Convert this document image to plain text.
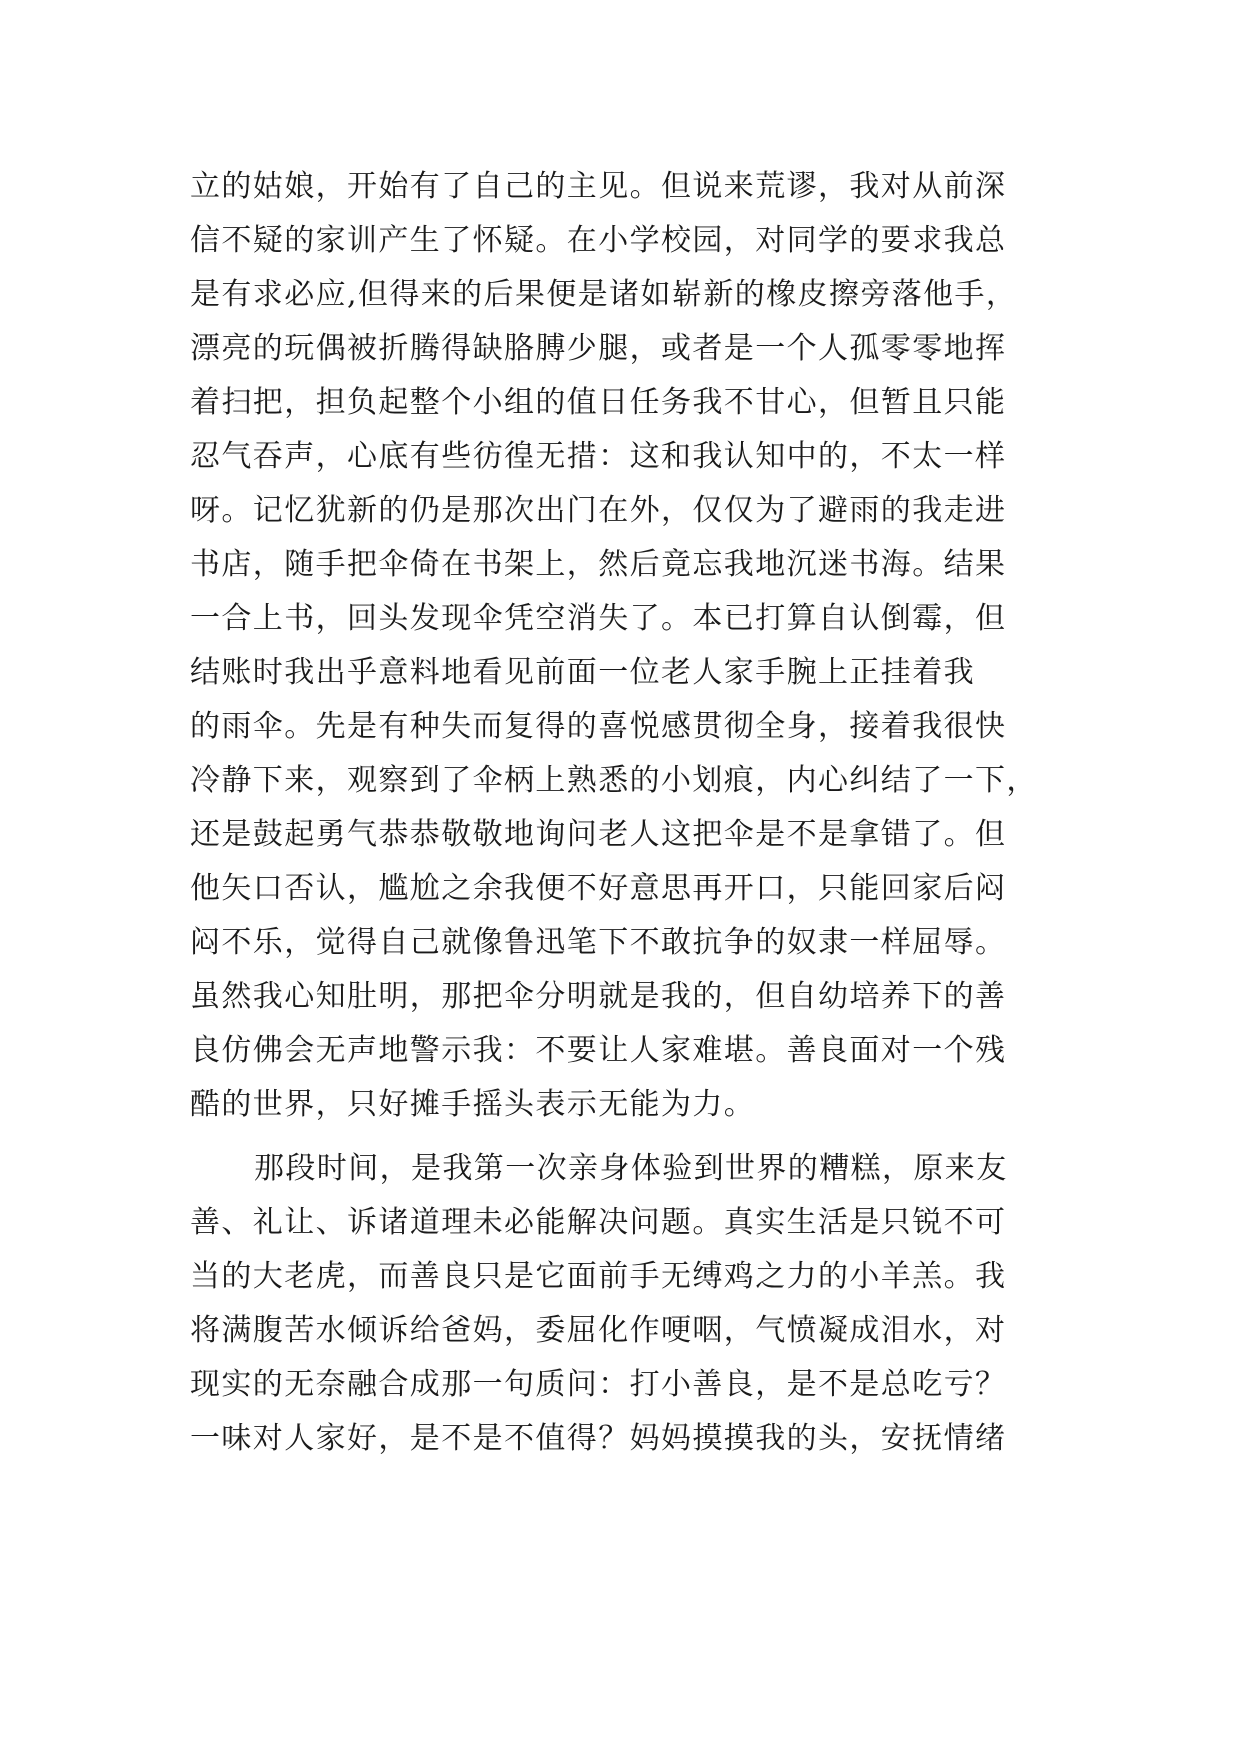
立的姑娘，开始有了自己的主见。但说来荒谬，我对从前深
信不疑的家训产生了怀疑。在小学校园，对同学的要求我总
是有求必应,但得来的后果便是诸如崭新的橡皮擦旁落他手，
漂亮的玩偶被折腾得缺胳膊少腿，或者是一个人孤零零地挥
着扫把，担负起整个小组的值日任务我不甘心，但暂且只能
忍气吞声，心底有些彷徨无措：这和我认知中的，不太一样
呀。记忆犹新的仍是那次出门在外，仅仅为了避雨的我走进
书店，随手把伞倚在书架上，然后竟忘我地沉迷书海。结果
一合上书，回头发现伞凭空消失了。本已打算自认倒霉，但
结账时我出乎意料地看见前面一位老人家手腕上正挂着我
的雨伞。先是有种失而复得的喜悦感贯彻全身，接着我很快
冷静下来，观察到了伞柄上熟悉的小划痕，内心纠结了一下，
还是鼓起勇气恭恭敬敬地询问老人这把伞是不是拿错了。但
他矢口否认，尴尬之余我便不好意思再开口，只能回家后闷
闷不乐，觉得自己就像鲁迅笔下不敢抗争的奴隶一样屈辱。
虽然我心知肚明，那把伞分明就是我的，但自幼培养下的善
良仿佛会无声地警示我：不要让人家难堪。善良面对一个残
酷的世界，只好摊手摇头表示无能为力。
那段时间，是我第一次亲身体验到世界的糟糕，原来友
善、礼让、诉诸道理未必能解决问题。真实生活是只锐不可
当的大老虎，而善良只是它面前手无缚鸡之力的小羊羔。我
将满腹苦水倾诉给爸妈，委屈化作哽咽，气愤凝成泪水，对
现实的无奈融合成那一句质问：打小善良，是不是总吃亏？
一味对人家好，是不是不值得？妈妈摸摸我的头，安抚情绪
